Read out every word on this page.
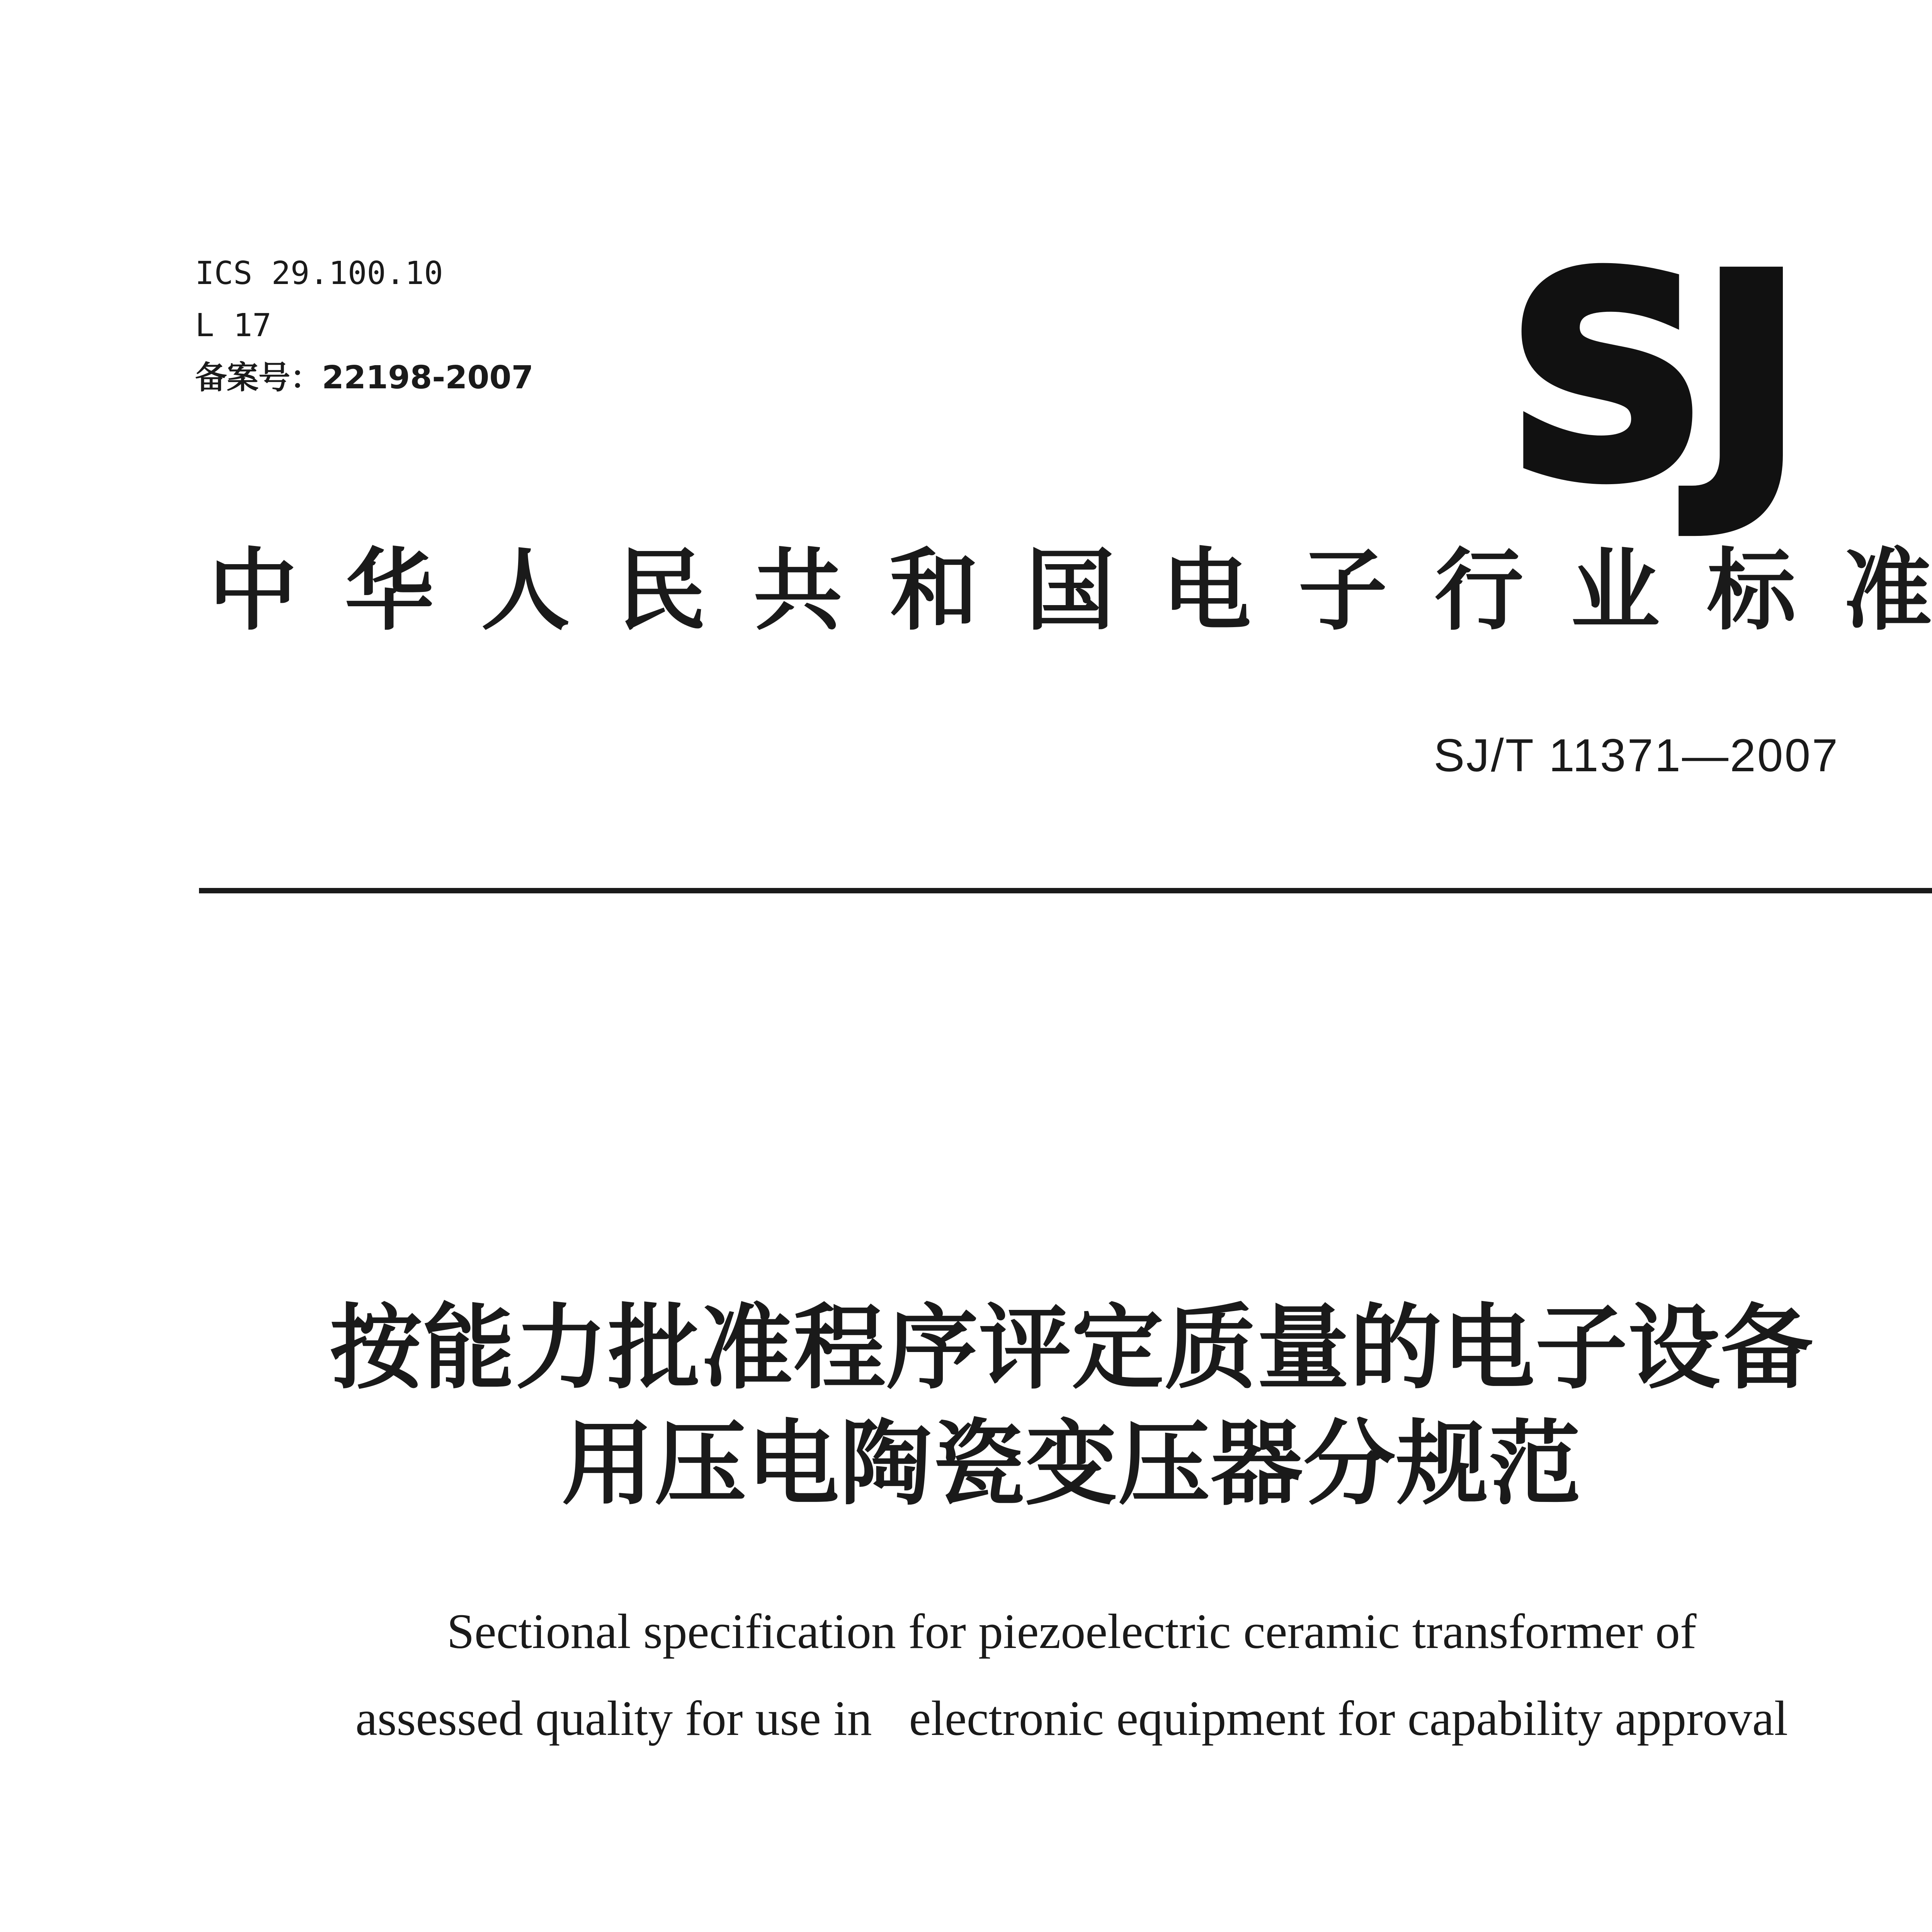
ICS 29.100.10
L 17
备案号：22198-2007	SJ
中 华 人 民 共 和 国 电 子 行 业 标 准
SJ/T 11371—2007
按能力批准程序评定质量的电子设备
用压电陶瓷变压器分规范
Sectional specification for piezoelectric ceramic transformer of
assessed quality for use in   electronic equipment for capability approval
